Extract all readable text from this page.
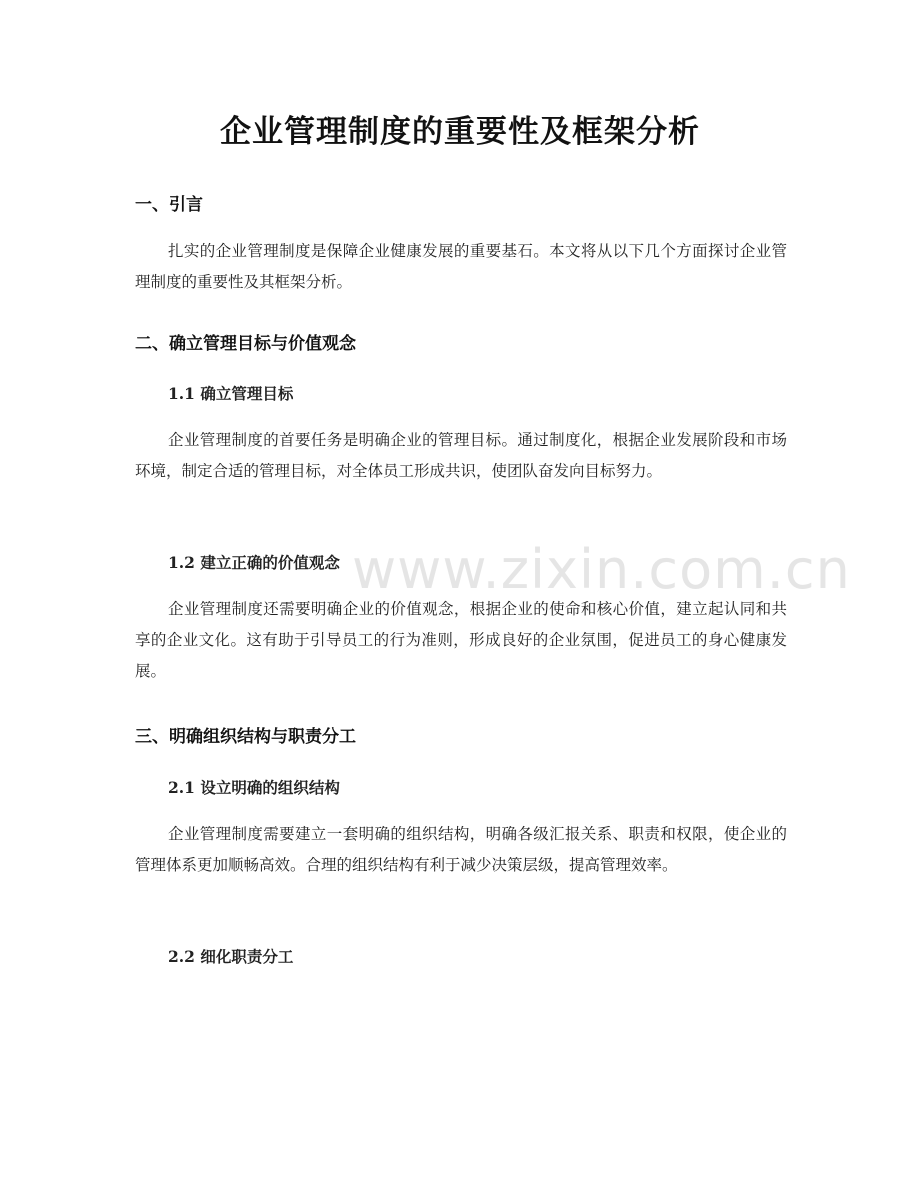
企业管理制度的重要性及框架分析
一、引言

扎实的企业管理制度是保障企业健康发展的重要基石。本文将从以下几个方面探讨企业管理制度的重要性及其框架分析。

二、确立管理目标与价值观念
1.1 确立管理目标

企业管理制度的首要任务是明确企业的管理目标。通过制度化，根据企业发展阶段和市场环境，制定合适的管理目标，对全体员工形成共识，使团队奋发向目标努力。

1.2 建立正确的价值观念

企业管理制度还需要明确企业的价值观念，根据企业的使命和核心价值，建立起认同和共享的企业文化。这有助于引导员工的行为准则，形成良好的企业氛围，促进员工的身心健康发展。

三、明确组织结构与职责分工
2.1 设立明确的组织结构

企业管理制度需要建立一套明确的组织结构，明确各级汇报关系、职责和权限，使企业的管理体系更加顺畅高效。合理的组织结构有利于减少决策层级，提高管理效率。

2.2 细化职责分工
www.zixin.com.cn
